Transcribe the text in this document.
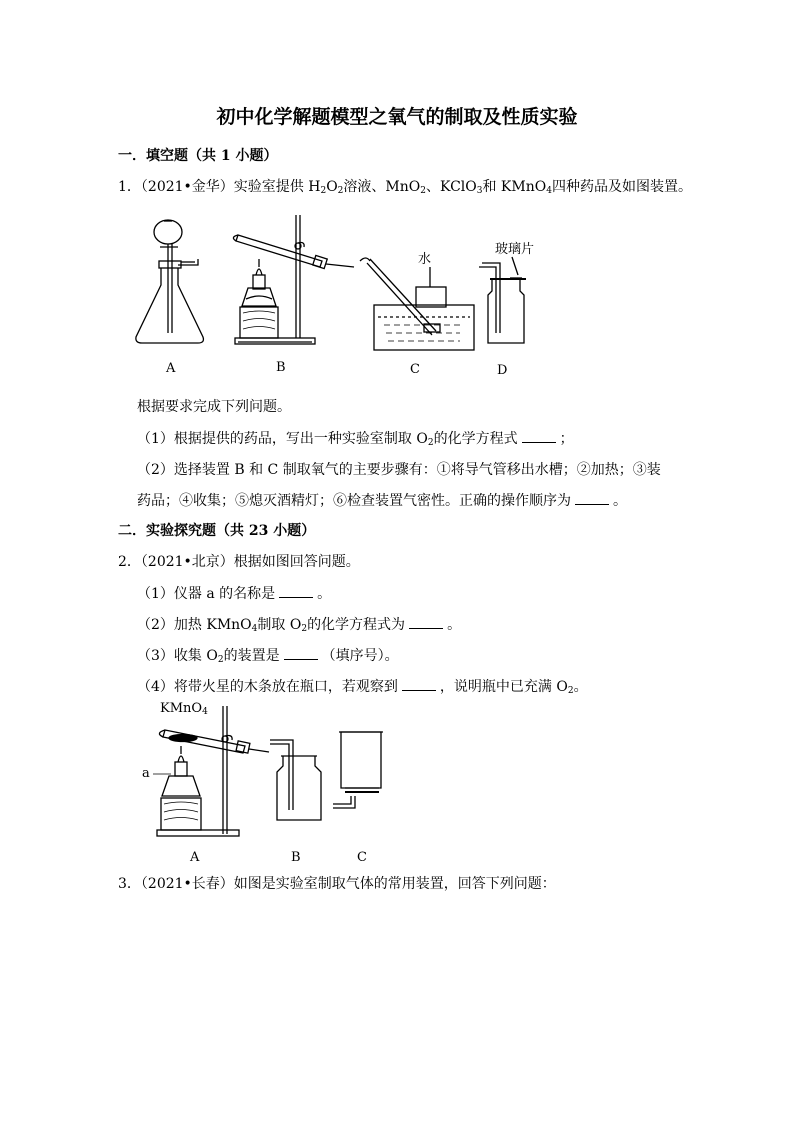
初中化学解题模型之氧气的制取及性质实验
一．填空题（共 1 小题）
1．（2021•金华）实验室提供 $H_2O_2$溶液、MnO$_2$、KClO$_3$和 KMnO$_4$四种药品及如图装置。
水
玻璃片
A	B	C	D
根据要求完成下列问题。
（1）根据提供的药品，写出一种实验室制取 $O_2$的化学方程式	；
（2）选择装置 B 和 C 制取氧气的主要步骤有：①将导气管移出水槽；②加热；③装
药品；④收集；⑤熄灭酒精灯；⑥检查装置气密性。正确的操作顺序为	。
二．实验探究题（共 23 小题）
2．（2021•北京）根据如图回答问题。
（1）仪器 a 的名称是	。
（2）加热 KMnO$_4$制取 $O_2$的化学方程式为	。
（3）收集 $O_2$的装置是	（填序号）。
（4）将带火星的木条放在瓶口，若观察到	，说明瓶中已充满 $O_2$。
KMnO$_4$
a
A	B	C
3．（2021•长春）如图是实验室制取气体的常用装置，回答下列问题：
